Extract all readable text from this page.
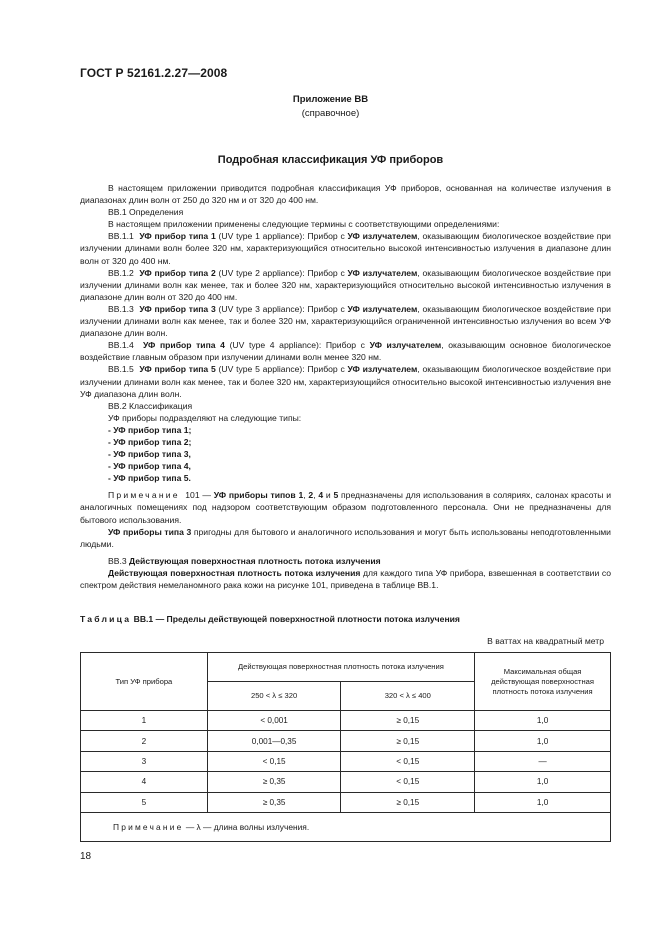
ГОСТ Р 52161.2.27—2008
Приложение ВВ
(справочное)
Подробная классификация УФ приборов

В настоящем приложении приводится подробная классификация УФ приборов, основанная на количестве излучения в диапазонах длин волн от 250 до 320 нм и от 320 до 400 нм.

ВВ.1 Определения

В настоящем приложении применены следующие термины с соответствующими определениями:

ВВ.1.1 УФ прибор типа 1 (UV type 1 appliance): Прибор с УФ излучателем, оказывающим биологическое воздействие при излучении длинами волн более 320 нм, характеризующийся относительно высокой интенсивностью излучения в диапазоне длин волн от 320 до 400 нм.

ВВ.1.2 УФ прибор типа 2 (UV type 2 appliance): Прибор с УФ излучателем, оказывающим биологическое воздействие при излучении длинами волн как менее, так и более 320 нм, характеризующийся относительно высокой интенсивностью излучения в диапазоне длин волн от 320 до 400 нм.

ВВ.1.3 УФ прибор типа 3 (UV type 3 appliance): Прибор с УФ излучателем, оказывающим биологическое воздействие при излучении длинами волн как менее, так и более 320 нм, характеризующийся ограниченной интенсивностью излучения во всем УФ диапазоне длин волн.

ВВ.1.4 УФ прибор типа 4 (UV type 4 appliance): Прибор с УФ излучателем, оказывающим основное биологическое воздействие главным образом при излучении длинами волн менее 320 нм.

ВВ.1.5 УФ прибор типа 5 (UV type 5 appliance): Прибор с УФ излучателем, оказывающим биологическое воздействие при излучении длинами волн как менее, так и более 320 нм, характеризующийся относительно высокой интенсивностью излучения вне УФ диапазона длин волн.

ВВ.2 Классификация

УФ приборы подразделяют на следующие типы:

- УФ прибор типа 1;

- УФ прибор типа 2;

- УФ прибор типа 3,

- УФ прибор типа 4,

- УФ прибор типа 5.

Примечание 101 — УФ приборы типов 1, 2, 4 и 5 предназначены для использования в соляриях, салонах красоты и аналогичных помещениях под надзором соответствующим образом подготовленного персонала. Они не предназначены для бытового использования.

УФ приборы типа 3 пригодны для бытового и аналогичного использования и могут быть использованы неподготовленными людьми.

ВВ.3 Действующая поверхностная плотность потока излучения

Действующая поверхностная плотность потока излучения для каждого типа УФ прибора, взвешенная в соответствии со спектром действия немеланомного рака кожи на рисунке 101, приведена в таблице ВВ.1.

Таблица ВВ.1 — Пределы действующей поверхностной плотности потока излучения
В ваттах на квадратный метр
Тип УФ прибора	Действующая поверхностная плотность потока излучения		Максимальная общая действующая поверхностная плотность потока излучения
	250 < λ ≤ 320	320 < λ ≤ 400	
1	< 0,001	≥ 0,15	1,0
2	0,001—0,35	≥ 0,15	1,0
3	< 0,15	< 0,15	—
4	≥ 0,35	< 0,15	1,0
5	≥ 0,35	≥ 0,15	1,0
Примечание — λ — длина волны излучения.			
18
